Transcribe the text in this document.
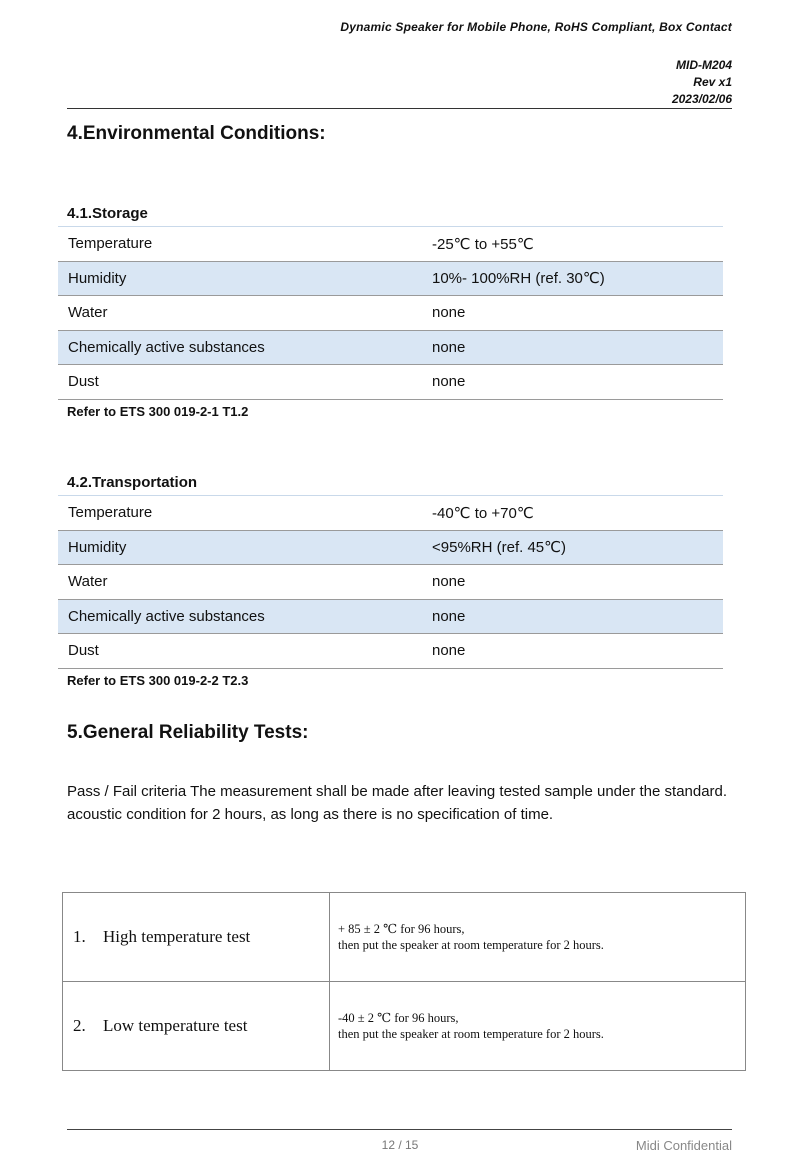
Dynamic Speaker for Mobile Phone, RoHS Compliant, Box Contact
MID-M204
Rev x1
2023/02/06
4.Environmental Conditions:
4.1.Storage
Temperature	-25℃ to +55℃
Humidity	10%- 100%RH (ref. 30℃)
Water	none
Chemically active substances	none
Dust	none
Refer to ETS 300 019-2-1 T1.2
4.2.Transportation
Temperature	-40℃ to +70℃
Humidity	<95%RH (ref. 45℃)
Water	none
Chemically active substances	none
Dust	none
Refer to ETS 300 019-2-2 T2.3
5.General Reliability Tests:
Pass / Fail criteria The measurement shall be made after leaving tested sample under the standard.
acoustic condition for 2 hours, as long as there is no specification of time.
1. High temperature test	+ 85 ± 2 ℃ for 96 hours,
then put the speaker at room temperature for 2 hours.

2. Low temperature test	-40 ± 2 ℃ for 96 hours,
then put the speaker at room temperature for 2 hours.
12 / 15	Midi Confidential
